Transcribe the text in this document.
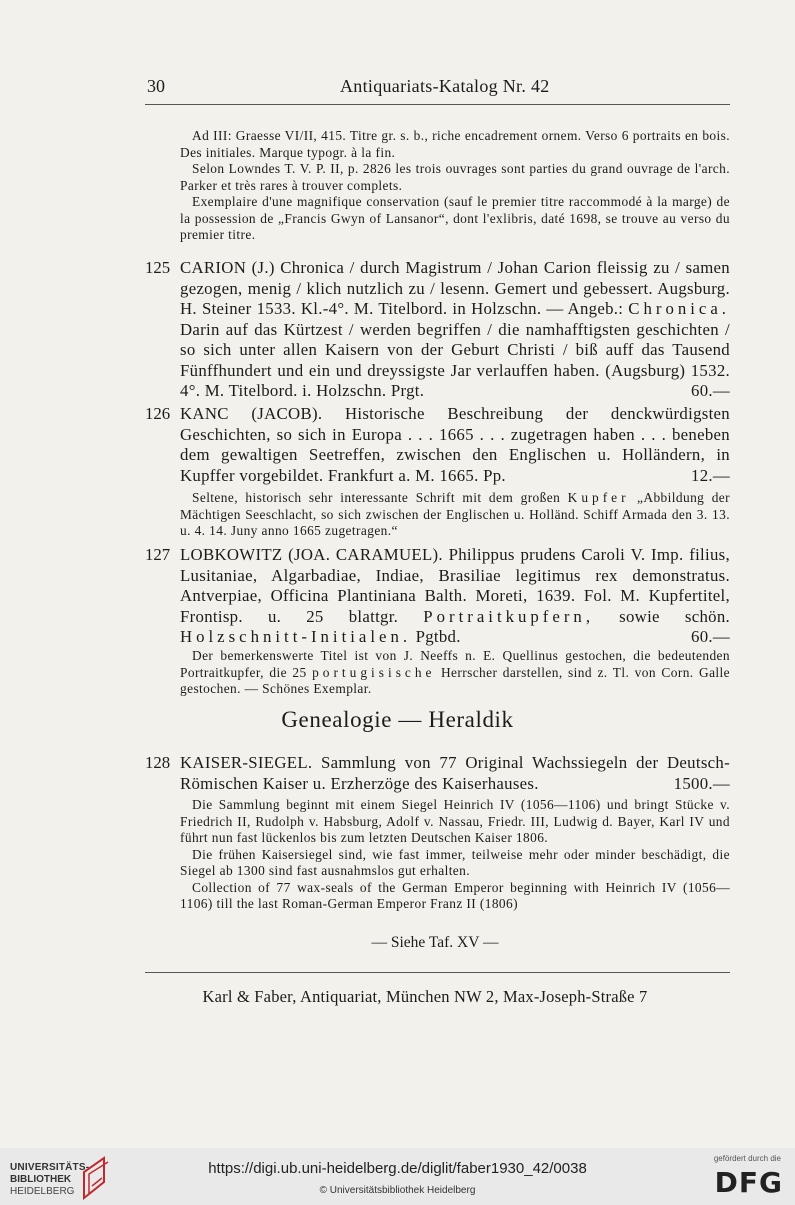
30	Antiquariats-Katalog Nr. 42
Ad III: Graesse VI/II, 415. Titre gr. s. b., riche encadrement ornem. Verso 6 portraits en bois. Des initiales. Marque typogr. à la fin.
Selon Lowndes T. V. P. II, p. 2826 les trois ouvrages sont parties du grand ouvrage de l'arch. Parker et très rares à trouver complets.
Exemplaire d'une magnifique conservation (sauf le premier titre raccommodé à la marge) de la possession de „Francis Gwyn of Lansanor“, dont l'exlibris, daté 1698, se trouve au verso du premier titre.
125 CARION (J.) Chronica / durch Magistrum / Johan Carion fleissig zu / samen gezogen, menig / klich nutzlich zu / lesenn. Gemert und gebessert. Augsburg. H. Steiner 1533. Kl.-4°. M. Titelbord. in Holzschn. — Angeb.: Chronica. Darin auf das Kürtzest / werden begriffen / die namhafftigsten geschichten / so sich unter allen Kaisern von der Geburt Christi / biß auff das Tausend Fünffhundert und ein und dreyssigste Jar verlauffen haben. (Augsburg) 1532. 4°. M. Titelbord. i. Holzschn. Prgt.	60.—
126 KANC (JACOB). Historische Beschreibung der denckwürdigsten Geschichten, so sich in Europa . . . 1665 . . . zugetragen haben . . . beneben dem gewaltigen Seetreffen, zwischen den Englischen u. Holländern, in Kupffer vorgebildet. Frankfurt a. M. 1665. Pp.	12.—
Seltene, historisch sehr interessante Schrift mit dem großen Kupfer „Abbildung der Mächtigen Seeschlacht, so sich zwischen der Englischen u. Holländ. Schiff Armada den 3. 13. u. 4. 14. Juny anno 1665 zugetragen.“
127 LOBKOWITZ (JOA. CARAMUEL). Philippus prudens Caroli V. Imp. filius, Lusitaniae, Algarbadiae, Indiae, Brasiliae legitimus rex demonstratus. Antverpiae, Officina Plantiniana Balth. Moreti, 1639. Fol. M. Kupfertitel, Frontisp. u. 25 blattgr. Portraitkupfern, sowie schön. Holzschnitt-Initialen. Pgtbd.	60.—
Der bemerkenswerte Titel ist von J. Neeffs n. E. Quellinus gestochen, die bedeutenden Portraitkupfer, die 25 portugisische Herrscher darstellen, sind z. Tl. von Corn. Galle gestochen. — Schönes Exemplar.
Genealogie — Heraldik
128 KAISER-SIEGEL. Sammlung von 77 Original Wachssiegeln der Deutsch-Römischen Kaiser u. Erzherzöge des Kaiserhauses.	1500.—
Die Sammlung beginnt mit einem Siegel Heinrich IV (1056—1106) und bringt Stücke v. Friedrich II, Rudolph v. Habsburg, Adolf v. Nassau, Friedr. III, Ludwig d. Bayer, Karl IV und führt nun fast lückenlos bis zum letzten Deutschen Kaiser 1806.
Die frühen Kaisersiegel sind, wie fast immer, teilweise mehr oder minder beschädigt, die Siegel ab 1300 sind fast ausnahmslos gut erhalten.
Collection of 77 wax-seals of the German Emperor beginning with Heinrich IV (1056—1106) till the last Roman-German Emperor Franz II (1806)
— Siehe Taf. XV —
Karl & Faber, Antiquariat, München NW 2, Max-Joseph-Straße 7
UNIVERSITÄTS-
BIBLIOTHEK
HEIDELBERG
https://digi.ub.uni-heidelberg.de/diglit/faber1930_42/0038
© Universitätsbibliothek Heidelberg
gefördert durch die
DFG
